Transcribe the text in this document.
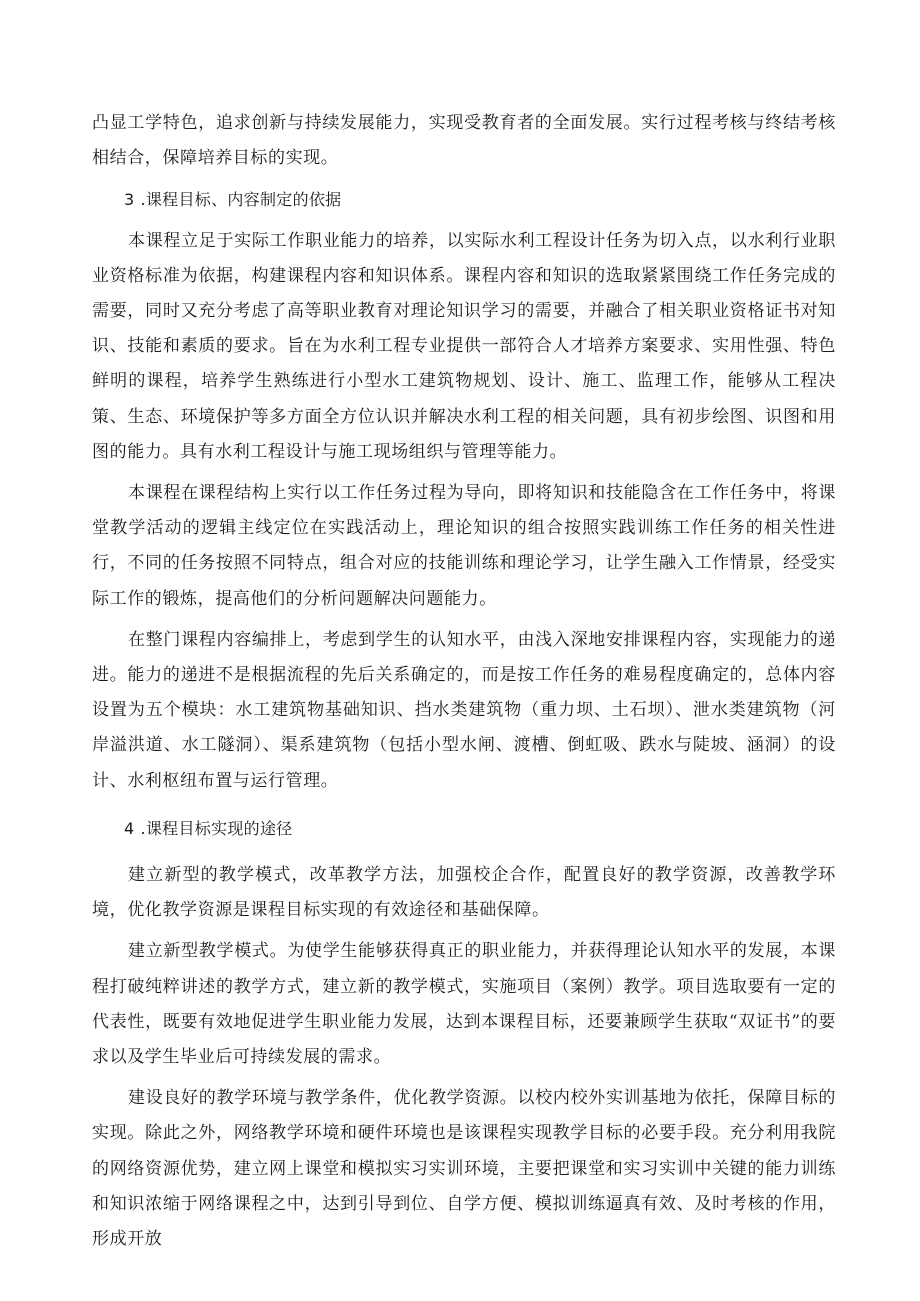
凸显工学特色，追求创新与持续发展能力，实现受教育者的全面发展。实行过程考核与终结考核相结合，保障培养目标的实现。

3 .课程目标、内容制定的依据

本课程立足于实际工作职业能力的培养，以实际水利工程设计任务为切入点，以水利行业职业资格标准为依据，构建课程内容和知识体系。课程内容和知识的选取紧紧围绕工作任务完成的需要，同时又充分考虑了高等职业教育对理论知识学习的需要，并融合了相关职业资格证书对知识、技能和素质的要求。旨在为水利工程专业提供一部符合人才培养方案要求、实用性强、特色鲜明的课程，培养学生熟练进行小型水工建筑物规划、设计、施工、监理工作，能够从工程决策、生态、环境保护等多方面全方位认识并解决水利工程的相关问题，具有初步绘图、识图和用图的能力。具有水利工程设计与施工现场组织与管理等能力。

本课程在课程结构上实行以工作任务过程为导向，即将知识和技能隐含在工作任务中，将课堂教学活动的逻辑主线定位在实践活动上，理论知识的组合按照实践训练工作任务的相关性进行，不同的任务按照不同特点，组合对应的技能训练和理论学习，让学生融入工作情景，经受实际工作的锻炼，提高他们的分析问题解决问题能力。

在整门课程内容编排上，考虑到学生的认知水平，由浅入深地安排课程内容，实现能力的递进。能力的递进不是根据流程的先后关系确定的，而是按工作任务的难易程度确定的，总体内容设置为五个模块：水工建筑物基础知识、挡水类建筑物（重力坝、土石坝）、泄水类建筑物（河岸溢洪道、水工隧洞）、渠系建筑物（包括小型水闸、渡槽、倒虹吸、跌水与陡坡、涵洞）的设计、水利枢纽布置与运行管理。

4 .课程目标实现的途径

建立新型的教学模式，改革教学方法，加强校企合作，配置良好的教学资源，改善教学环境，优化教学资源是课程目标实现的有效途径和基础保障。

建立新型教学模式。为使学生能够获得真正的职业能力，并获得理论认知水平的发展，本课程打破纯粹讲述的教学方式，建立新的教学模式，实施项目（案例）教学。项目选取要有一定的代表性，既要有效地促进学生职业能力发展，达到本课程目标，还要兼顾学生获取“双证书”的要求以及学生毕业后可持续发展的需求。

建设良好的教学环境与教学条件，优化教学资源。以校内校外实训基地为依托，保障目标的实现。除此之外，网络教学环境和硬件环境也是该课程实现教学目标的必要手段。充分利用我院的网络资源优势，建立网上课堂和模拟实习实训环境，主要把课堂和实习实训中关键的能力训练和知识浓缩于网络课程之中，达到引导到位、自学方便、模拟训练逼真有效、及时考核的作用，形成开放
